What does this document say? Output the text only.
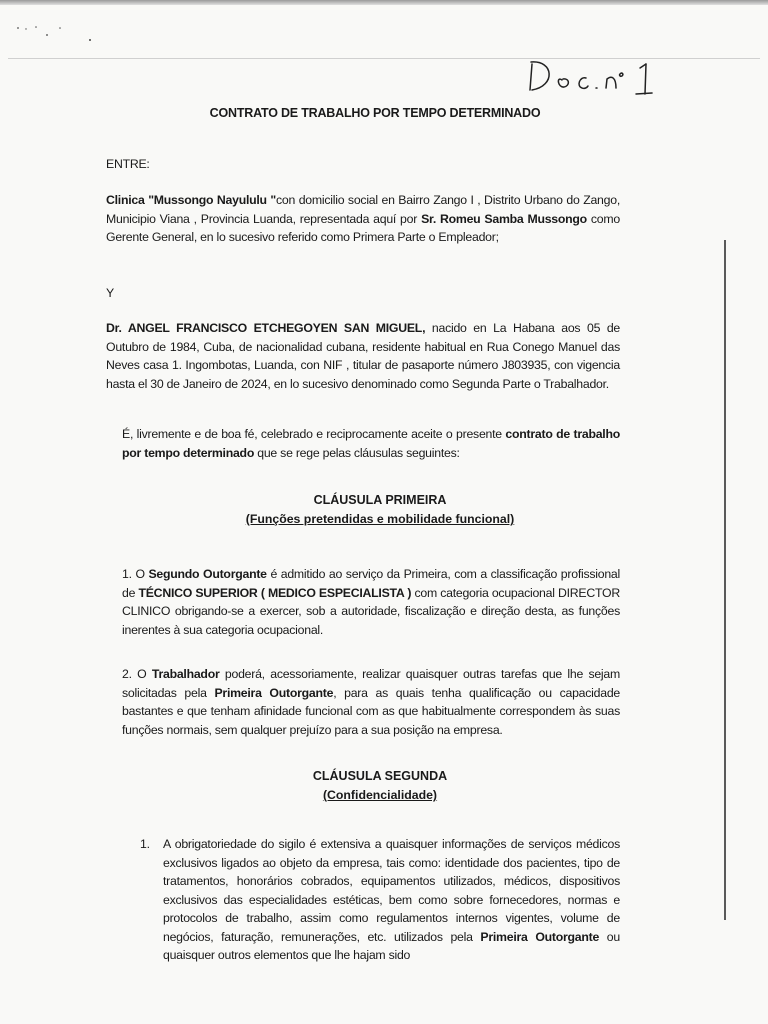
CONTRATO DE TRABALHO POR TEMPO DETERMINADO
ENTRE:
Clinica "Mussongo Nayululu "con domicilio social en Bairro Zango I , Distrito Urbano do Zango, Municipio Viana , Provincia Luanda, representada aquí por Sr. Romeu Samba Mussongo como Gerente General, en lo sucesivo referido como Primera Parte o Empleador;
Y
Dr. ANGEL FRANCISCO ETCHEGOYEN SAN MIGUEL, nacido en La Habana aos 05 de Outubro de 1984, Cuba, de nacionalidad cubana, residente habitual en Rua Conego Manuel das Neves casa 1. Ingombotas, Luanda, con NIF , titular de pasaporte número J803935, con vigencia hasta el 30 de Janeiro de 2024, en lo sucesivo denominado como Segunda Parte o Trabalhador.
É, livremente e de boa fé, celebrado e reciprocamente aceite o presente contrato de trabalho por tempo determinado que se rege pelas cláusulas seguintes:
CLÁUSULA PRIMEIRA
(Funções pretendidas e mobilidade funcional)
1. O Segundo Outorgante é admitido ao serviço da Primeira, com a classificação profissional de TÉCNICO SUPERIOR ( MEDICO ESPECIALISTA ) com categoria ocupacional DIRECTOR CLINICO obrigando-se a exercer, sob a autoridade, fiscalização e direção desta, as funções inerentes à sua categoria ocupacional.
2. O Trabalhador poderá, acessoriamente, realizar quaisquer outras tarefas que lhe sejam solicitadas pela Primeira Outorgante, para as quais tenha qualificação ou capacidade bastantes e que tenham afinidade funcional com as que habitualmente correspondem às suas funções normais, sem qualquer prejuízo para a sua posição na empresa.
CLÁUSULA SEGUNDA
(Confidencialidade)
1. A obrigatoriedade do sigilo é extensiva a quaisquer informações de serviços médicos exclusivos ligados ao objeto da empresa, tais como: identidade dos pacientes, tipo de tratamentos, honorários cobrados, equipamentos utilizados, médicos, dispositivos exclusivos das especialidades estéticas, bem como sobre fornecedores, normas e protocolos de trabalho, assim como regulamentos internos vigentes, volume de negócios, faturação, remunerações, etc. utilizados pela Primeira Outorgante ou quaisquer outros elementos que lhe hajam sido
